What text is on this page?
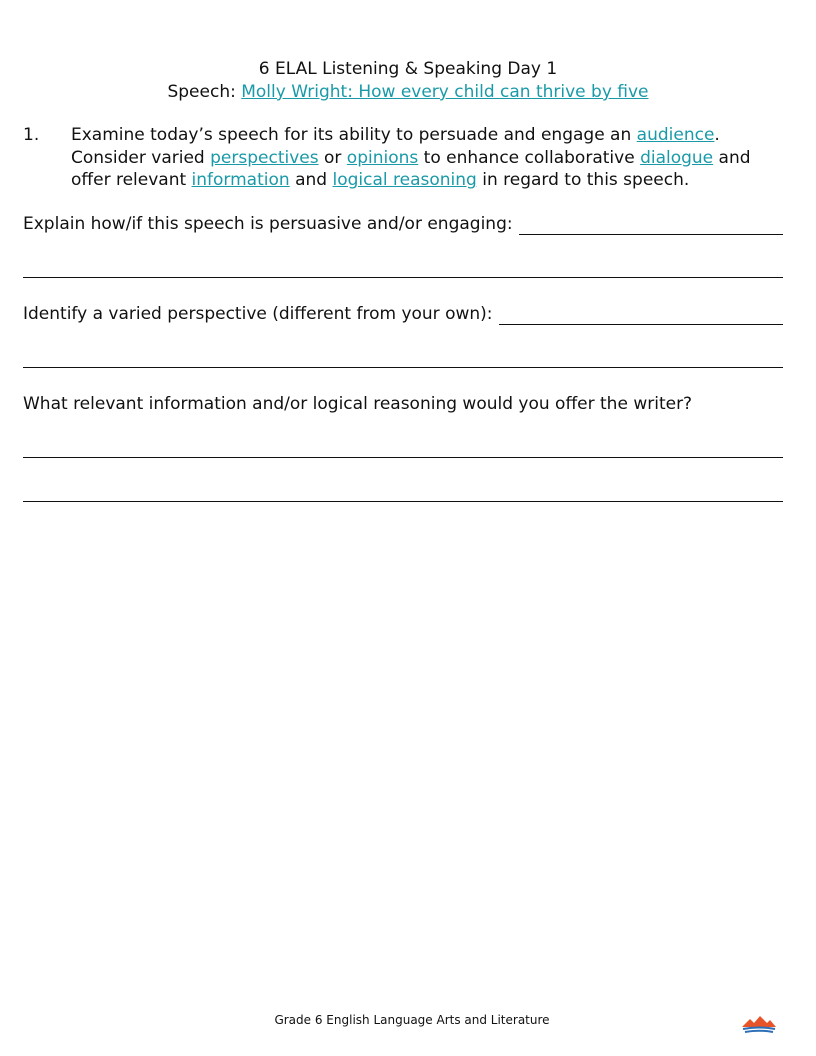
6 ELAL Listening & Speaking Day 1
Speech: Molly Wright: How every child can thrive by five
1.	Examine today’s speech for its ability to persuade and engage an audience. Consider varied perspectives or opinions to enhance collaborative dialogue and offer relevant information and logical reasoning in regard to this speech.
Explain how/if this speech is persuasive and/or engaging:
Identify a varied perspective (different from your own):
What relevant information and/or logical reasoning would you offer the writer?
Grade 6 English Language Arts and Literature
